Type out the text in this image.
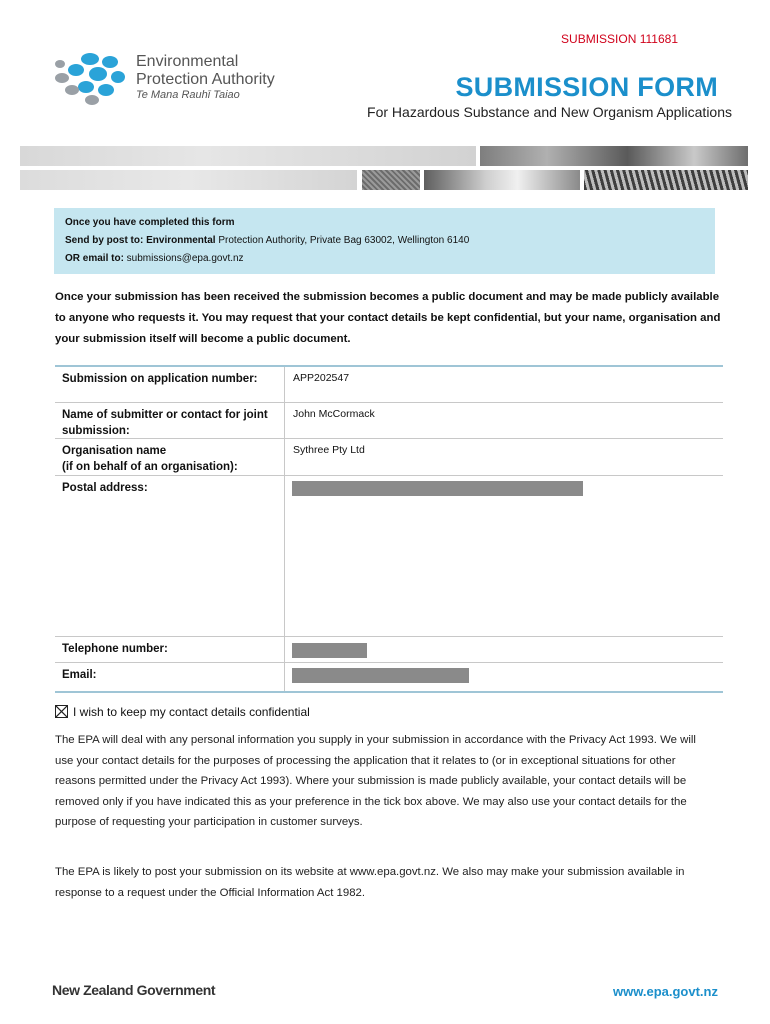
SUBMISSION 111681
Environmental
Protection Authority
Te Mana Rauhī Taiao	SUBMISSION FORM
For Hazardous Substance and New Organism Applications
Once you have completed this form
Send by post to: Environmental Protection Authority, Private Bag 63002, Wellington 6140
OR email to: submissions@epa.govt.nz
Once your submission has been received the submission becomes a public document and may be made publicly available to anyone who requests it. You may request that your contact details be kept confidential, but your name, organisation and your submission itself will become a public document.
Submission on application number:	APP202547
Name of submitter or contact for joint submission:
John McCormack
Organisation name
(if on behalf of an organisation):
Sythree Pty Ltd
Postal address:
Telephone number:
Email:
I wish to keep my contact details confidential
The EPA will deal with any personal information you supply in your submission in accordance with the Privacy Act 1993. We will use your contact details for the purposes of processing the application that it relates to (or in exceptional situations for other reasons permitted under the Privacy Act 1993). Where your submission is made publicly available, your contact details will be removed only if you have indicated this as your preference in the tick box above. We may also use your contact details for the purpose of requesting your participation in customer surveys.
The EPA is likely to post your submission on its website at www.epa.govt.nz. We also may make your submission available in response to a request under the Official Information Act 1982.
New Zealand Government	www.epa.govt.nz
